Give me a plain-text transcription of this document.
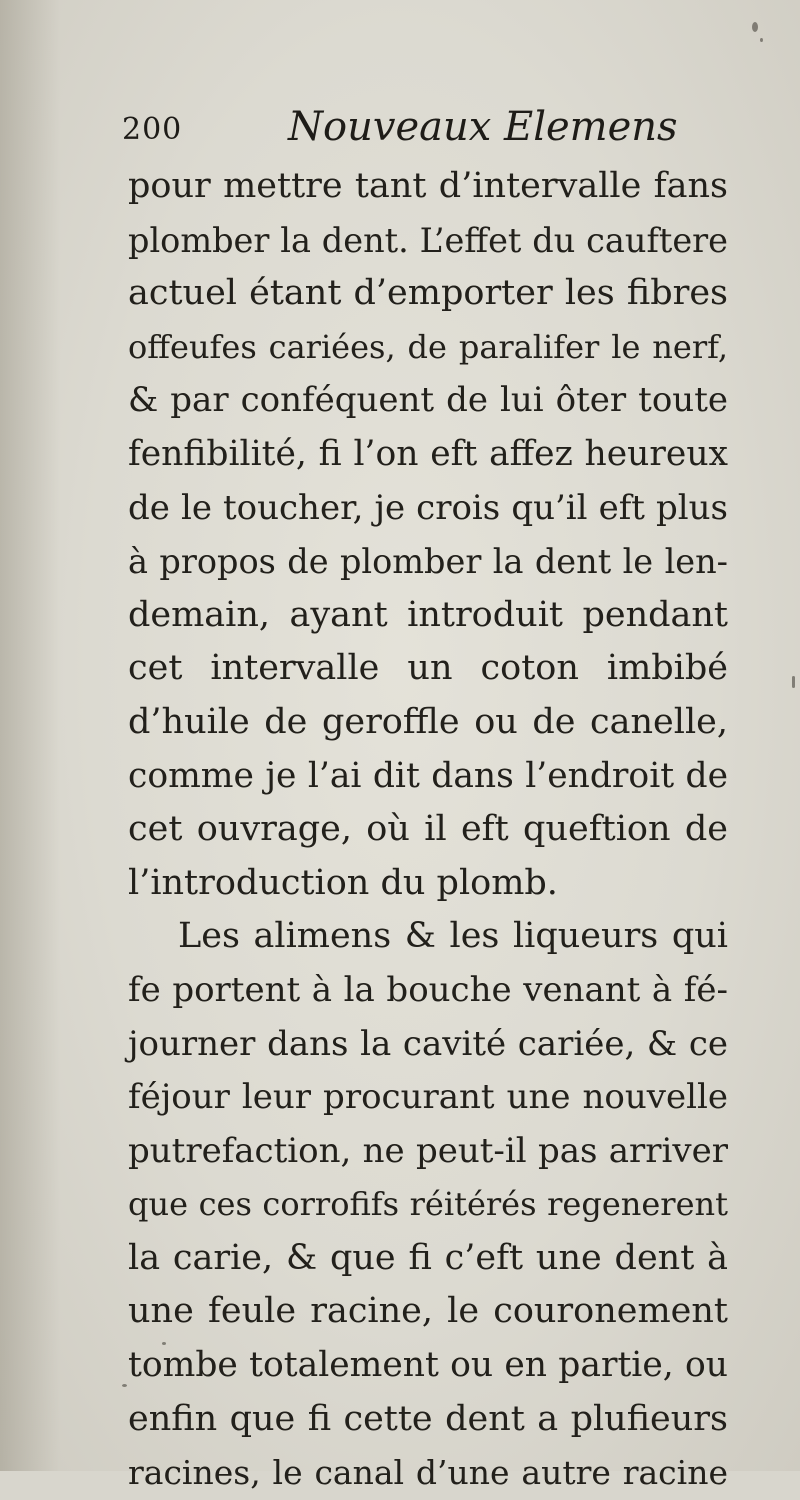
200	Nouveaux Elemens
pour mettre tant d’intervalle fans
plomber la dent. L’effet du cauftere
actuel étant d’emporter les fibres
offeufes cariées, de paralifer le nerf,
& par conféquent de lui ôter toute
fenfibilité, fi l’on eft affez heureux
de le toucher, je crois qu’il eft plus
à propos de plomber la dent le len-
demain, ayant introduit pendant
cet intervalle un coton imbibé
d’huile de geroffle ou de canelle,
comme je l’ai dit dans l’endroit de
cet ouvrage, où il eft queftion de
l’introduction du plomb.
Les alimens & les liqueurs qui
fe portent à la bouche venant à fé-
journer dans la cavité cariée, & ce
féjour leur procurant une nouvelle
putrefaction, ne peut-il pas arriver
que ces corrofifs réitérés regenerent
la carie, & que fi c’eft une dent à
une feule racine, le couronement
tombe totalement ou en partie, ou
enfin que fi cette dent a plufieurs
racines, le canal d’une autre racine
